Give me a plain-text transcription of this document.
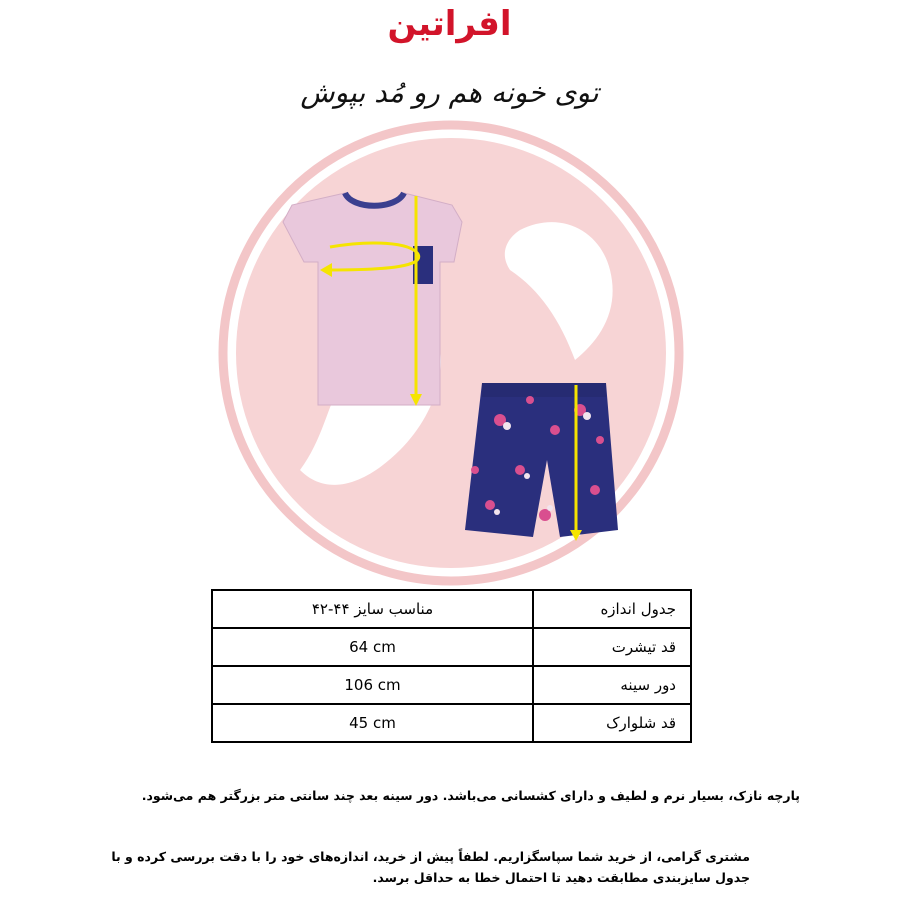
افراتین
توی خونه هم رو مُد بپوش
جدول اندازه	مناسب سایز ۴۴-۴۲
قد تیشرت	64 cm
دور سینه	106 cm
قد شلوارک	45 cm
پارچه نازک، بسیار نرم و لطیف و دارای کشسانی می‌باشد. دور سینه بعد چند سانتی متر بزرگتر هم می‌شود.
مشتری گرامی، از خرید شما سپاسگزاریم. لطفاً پیش از خرید، اندازه‌های خود را با دقت بررسی کرده و با جدول سایزبندی مطابقت دهید تا احتمال خطا به حداقل برسد.
